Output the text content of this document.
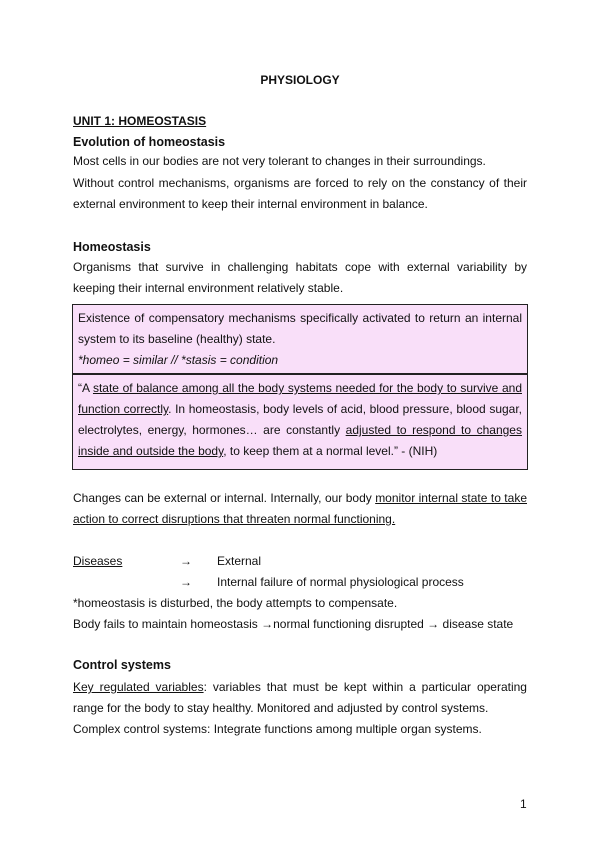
PHYSIOLOGY
UNIT 1: HOMEOSTASIS
Evolution of homeostasis
Most cells in our bodies are not very tolerant to changes in their surroundings.
Without control mechanisms, organisms are forced to rely on the constancy of their external environment to keep their internal environment in balance.
Homeostasis
Organisms that survive in challenging habitats cope with external variability by keeping their internal environment relatively stable.
Existence of compensatory mechanisms specifically activated to return an internal system to its baseline (healthy) state.
*homeo = similar // *stasis = condition
“A state of balance among all the body systems needed for the body to survive and function correctly. In homeostasis, body levels of acid, blood pressure, blood sugar, electrolytes, energy, hormones… are constantly adjusted to respond to changes inside and outside the body, to keep them at a normal level.” - (NIH)
Changes can be external or internal. Internally, our body monitor internal state to take action to correct disruptions that threaten normal functioning.
Diseases	→ External
→ Internal failure of normal physiological process
*homeostasis is disturbed, the body attempts to compensate.
Body fails to maintain homeostasis →normal functioning disrupted → disease state
Control systems
Key regulated variables: variables that must be kept within a particular operating range for the body to stay healthy. Monitored and adjusted by control systems.
Complex control systems: Integrate functions among multiple organ systems.
1
